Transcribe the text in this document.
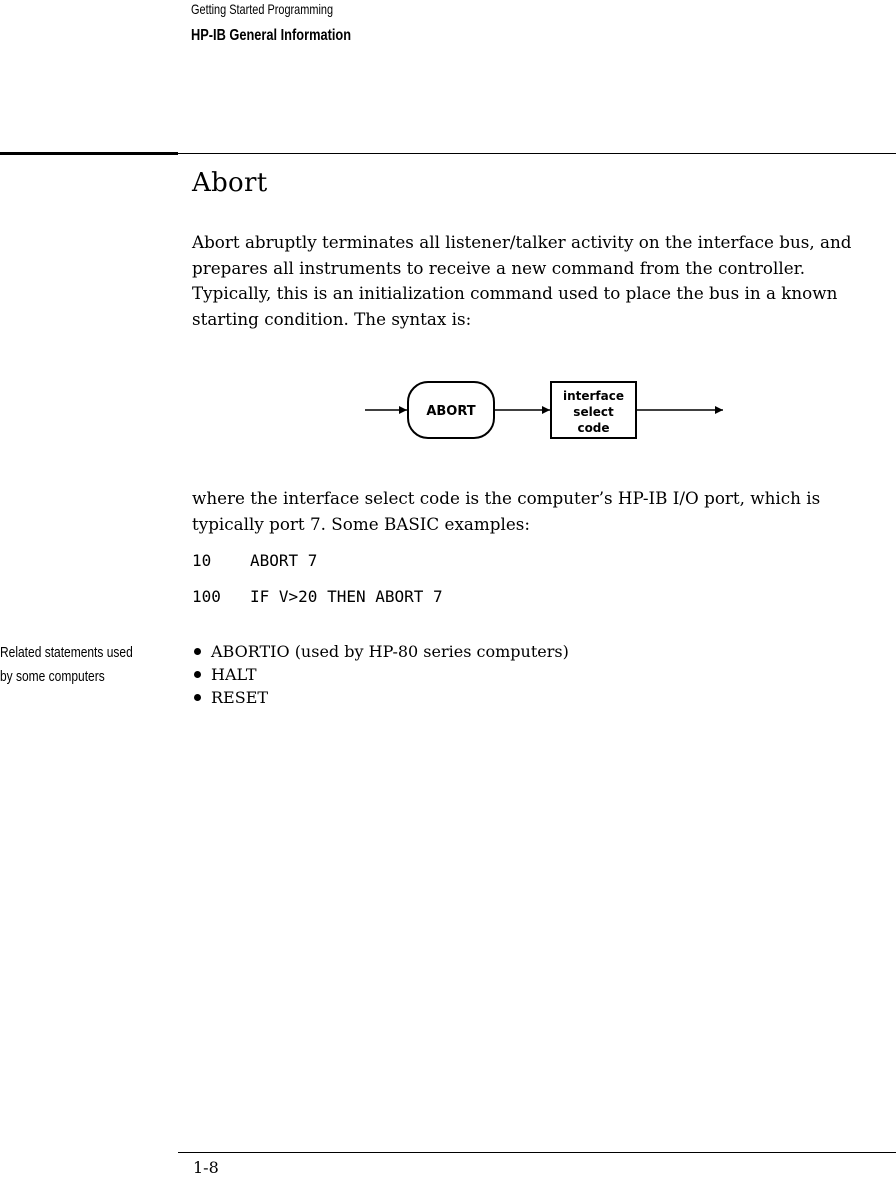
Getting Started Programming
HP-IB General Information
Abort

Abort abruptly terminates all listener/talker activity on the interface bus, and prepares all instruments to receive a new command from the controller. Typically, this is an initialization command used to place the bus in a known starting condition. The syntax is:

ABORT
interface
select
code

where the interface select code is the computer’s HP-IB I/O port, which is typically port 7. Some BASIC examples:

10 ABORT 7
100 IF V>20 THEN ABORT 7
Related statements used
by some computers
ABORTIO (used by HP-80 series computers)
HALT
RESET
1-8
